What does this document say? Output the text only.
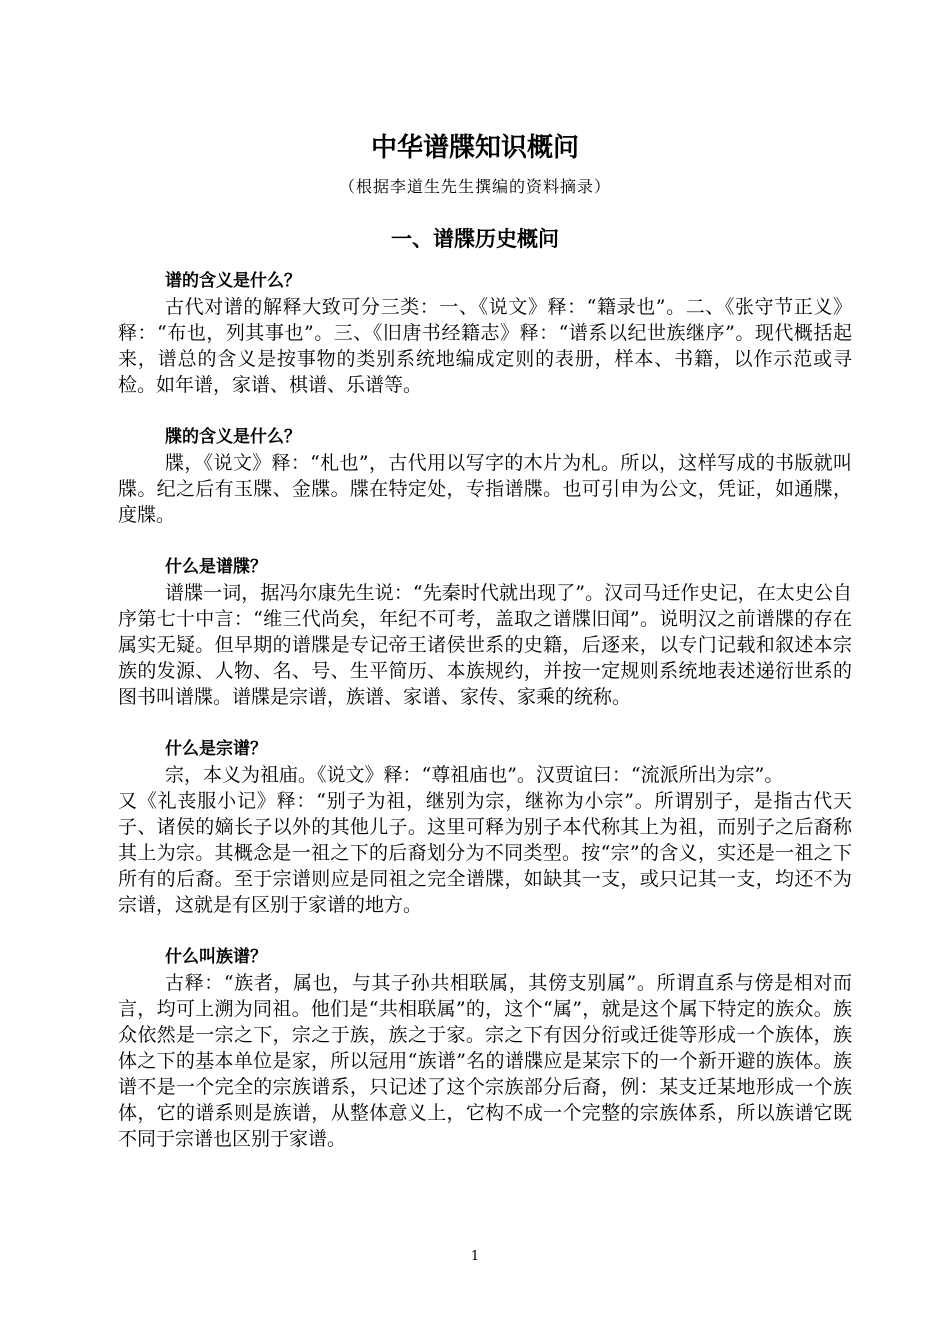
中华谱牒知识概问

（根据李道生先生撰编的资料摘录）

一、谱牒历史概问

谱的含义是什么？

古代对谱的解释大致可分三类：一、《说文》释：“籍录也”。二、《张守节正义》释：“布也，列其事也”。三、《旧唐书经籍志》释：“谱系以纪世族继序”。现代概括起来，谱总的含义是按事物的类别系统地编成定则的表册，样本、书籍，以作示范或寻检。如年谱，家谱、棋谱、乐谱等。

牒的含义是什么？

牒，《说文》释：“札也”，古代用以写字的木片为札。所以，这样写成的书版就叫牒。纪之后有玉牒、金牒。牒在特定处，专指谱牒。也可引申为公文，凭证，如通牒，度牒。

什么是谱牒？

谱牒一词，据冯尔康先生说：“先秦时代就出现了”。汉司马迁作史记，在太史公自序第七十中言：“维三代尚矣，年纪不可考，盖取之谱牒旧闻”。说明汉之前谱牒的存在属实无疑。但早期的谱牒是专记帝王诸侯世系的史籍，后逐来，以专门记载和叙述本宗族的发源、人物、名、号、生平简历、本族规约，并按一定规则系统地表述递衍世系的图书叫谱牒。谱牒是宗谱，族谱、家谱、家传、家乘的统称。

什么是宗谱？

宗，本义为祖庙。《说文》释：“尊祖庙也”。汉贾谊曰：“流派所出为宗”。

又《礼丧服小记》释：“别子为祖，继别为宗，继祢为小宗”。所谓别子，是指古代天子、诸侯的嫡长子以外的其他儿子。这里可释为别子本代称其上为祖，而别子之后裔称其上为宗。其概念是一祖之下的后裔划分为不同类型。按“宗”的含义，实还是一祖之下所有的后裔。至于宗谱则应是同祖之完全谱牒，如缺其一支，或只记其一支，均还不为宗谱，这就是有区别于家谱的地方。

什么叫族谱？

古释：“族者，属也，与其子孙共相联属，其傍支别属”。所谓直系与傍是相对而言，均可上溯为同祖。他们是“共相联属”的，这个“属”，就是这个属下特定的族众。族众依然是一宗之下，宗之于族，族之于家。宗之下有因分衍或迁徙等形成一个族体，族体之下的基本单位是家，所以冠用“族谱”名的谱牒应是某宗下的一个新开避的族体。族谱不是一个完全的宗族谱系，只记述了这个宗族部分后裔，例：某支迁某地形成一个族体，它的谱系则是族谱，从整体意义上，它构不成一个完整的宗族体系，所以族谱它既不同于宗谱也区别于家谱。

1
